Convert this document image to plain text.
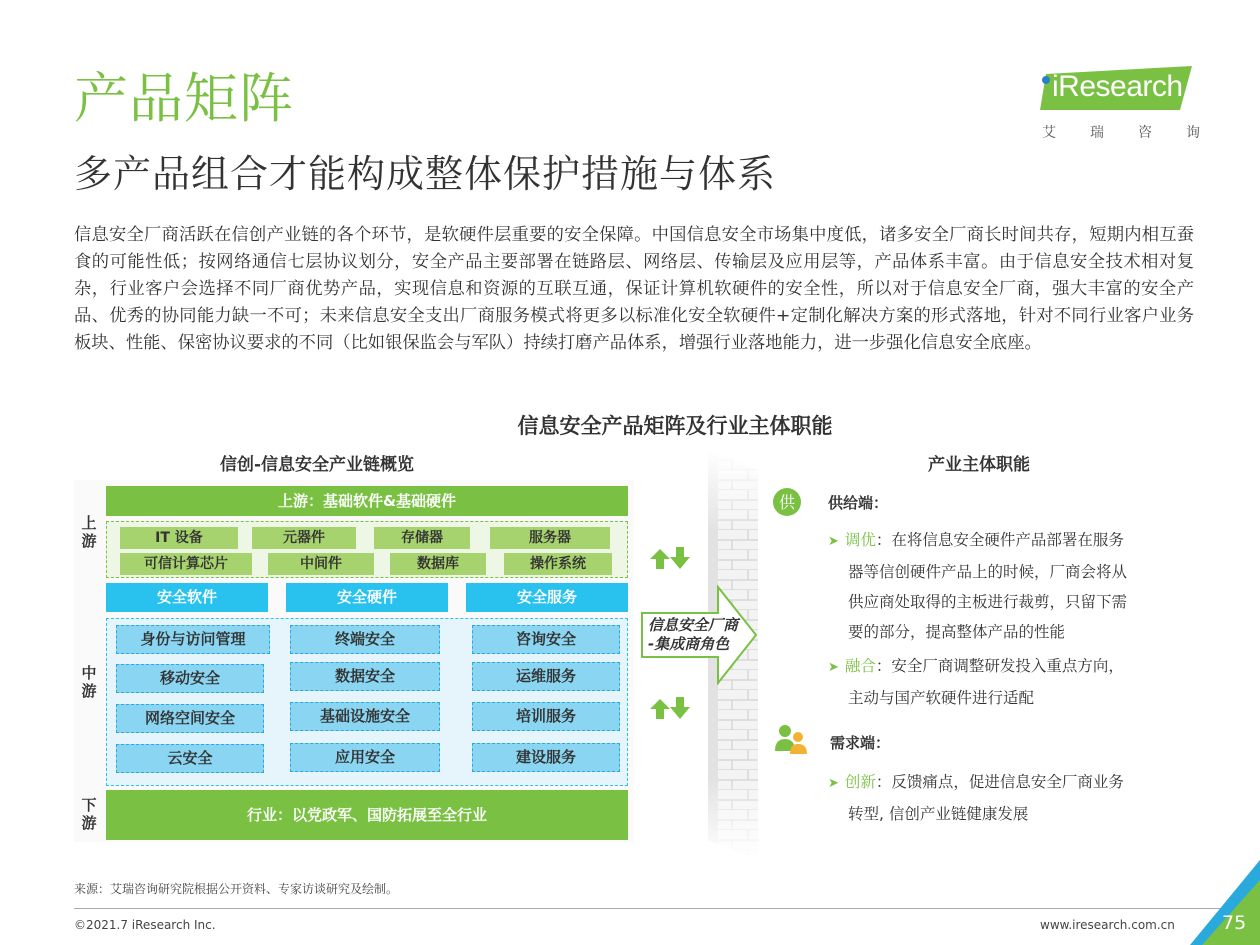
产品矩阵
多产品组合才能构成整体保护措施与体系
iResearch
艾 瑞 咨 询
信息安全厂商活跃在信创产业链的各个环节，是软硬件层重要的安全保障。中国信息安全市场集中度低，诸多安全厂商长时间共存，短期内相互蚕食的可能性低；按网络通信七层协议划分，安全产品主要部署在链路层、网络层、传输层及应用层等，产品体系丰富。由于信息安全技术相对复杂，行业客户会选择不同厂商优势产品，实现信息和资源的互联互通，保证计算机软硬件的安全性，所以对于信息安全厂商，强大丰富的安全产品、优秀的协同能力缺一不可；未来信息安全支出厂商服务模式将更多以标准化安全软硬件+定制化解决方案的形式落地，针对不同行业客户业务板块、性能、保密协议要求的不同（比如银保监会与军队）持续打磨产品体系，增强行业落地能力，进一步强化信息安全底座。
信息安全产品矩阵及行业主体职能
信创-信息安全产业链概览	产业主体职能
上游
中游
下游
上游：基础软件&基础硬件
IT 设备	元器件	存储器	服务器
可信计算芯片	中间件	数据库	操作系统
安全软件	安全硬件	安全服务
身份与访问管理
移动安全
网络空间安全
云安全
终端安全
数据安全
基础设施安全
应用安全
咨询安全
运维服务
培训服务
建设服务
行业：以党政军、国防拓展至全行业
信息安全厂商
-集成商角色
供 供给端：
➤ 调优：在将信息安全硬件产品部署在服务
器等信创硬件产品上的时候，厂商会将从
供应商处取得的主板进行裁剪，只留下需
要的部分，提高整体产品的性能
➤ 融合：安全厂商调整研发投入重点方向，
主动与国产软硬件进行适配
需求端：
➤ 创新：反馈痛点，促进信息安全厂商业务
转型, 信创产业链健康发展
来源：艾瑞咨询研究院根据公开资料、专家访谈研究及绘制。
©2021.7 iResearch Inc.	www.iresearch.com.cn 75
